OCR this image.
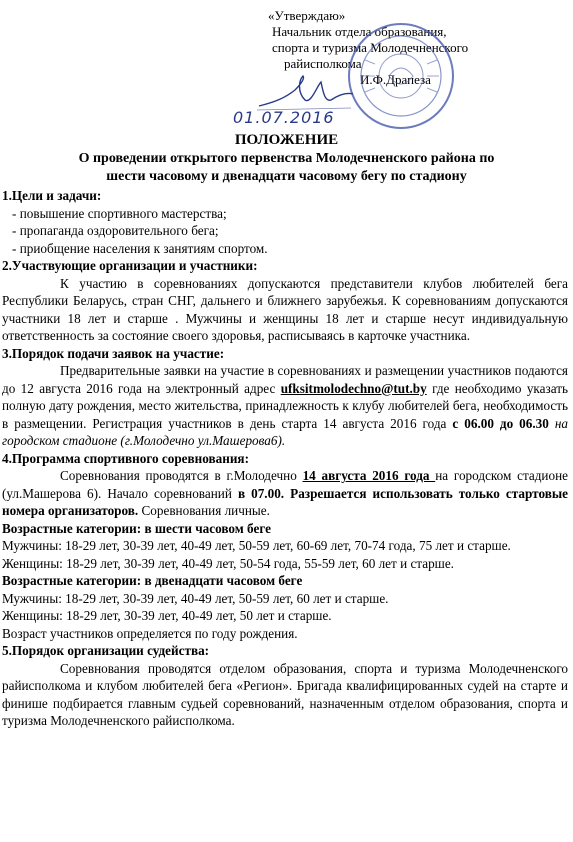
«Утверждаю»
Начальник отдела образования,
спорта и туризма Молодечненского
райисполкома
И.Ф.Драпеза
01.07.2016
ПОЛОЖЕНИЕ
О проведении открытого первенства Молодечненского района по
шести часовому и двенадцати часовому бегу по стадиону
1.Цели и задачи:
- повышение спортивного мастерства;
- пропаганда оздоровительного бега;
- приобщение населения к занятиям спортом.
2.Участвующие организации и участники:
К участию в соревнованиях допускаются представители клубов любителей бега Республики Беларусь, стран СНГ, дальнего и ближнего зарубежья. К соревнованиям допускаются участники 18 лет и старше . Мужчины и женщины 18 лет и старше несут индивидуальную ответственность за состояние своего здоровья, расписываясь в карточке участника.
3.Порядок подачи заявок на участие:
Предварительные заявки на участие в соревнованиях и размещении участников подаются до 12 августа 2016 года на электронный адрес ufksitmolodechno@tut.by где необходимо указать полную дату рождения, место жительства, принадлежность к клубу любителей бега, необходимость в размещении. Регистрация участников в день старта 14 августа 2016 года с 06.00 до 06.30 на городском стадионе (г.Молодечно ул.Машерова6).
4.Программа спортивного соревнования:
Соревнования проводятся в г.Молодечно 14 августа 2016 года на городском стадионе (ул.Машерова 6). Начало соревнований в 07.00. Разрешается использовать только стартовые номера организаторов. Соревнования личные.
Возрастные категории: в шести часовом беге
Мужчины: 18-29 лет, 30-39 лет, 40-49 лет, 50-59 лет, 60-69 лет, 70-74 года, 75 лет и старше.
Женщины: 18-29 лет, 30-39 лет, 40-49 лет, 50-54 года, 55-59 лет, 60 лет и старше.
Возрастные категории: в двенадцати часовом беге
Мужчины: 18-29 лет, 30-39 лет, 40-49 лет, 50-59 лет, 60 лет и старше.
Женщины: 18-29 лет, 30-39 лет, 40-49 лет, 50 лет и старше.
Возраст участников определяется по году рождения.
5.Порядок организации судейства:
Соревнования проводятся отделом образования, спорта и туризма Молодечненского райисполкома и клубом любителей бега «Регион». Бригада квалифицированных судей на старте и финише подбирается главным судьей соревнований, назначенным отделом образования, спорта и туризма Молодечненского райисполкома.
